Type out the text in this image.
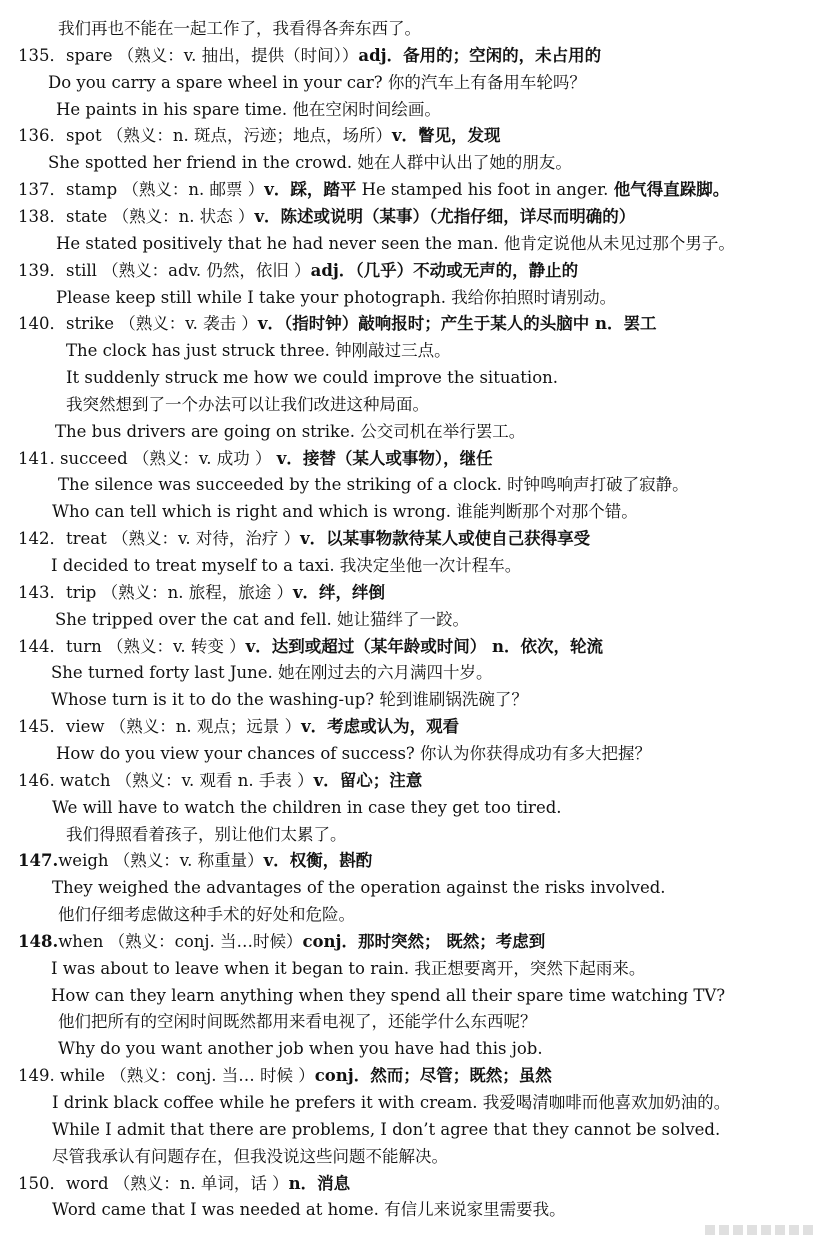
我们再也不能在一起工作了，我看得各奔东西了。
135．spare （熟义：v. 抽出，提供（时间））adj．备用的；空闲的，未占用的
Do you carry a spare wheel in your car? 你的汽车上有备用车轮吗？
He paints in his spare time. 他在空闲时间绘画。
136．spot （熟义：n. 斑点，污迹；地点，场所）v．瞥见，发现
She spotted her friend in the crowd. 她在人群中认出了她的朋友。
137．stamp （熟义：n. 邮票 ）v．踩，踏平 He stamped his foot in anger. 他气得直跺脚。
138．state （熟义：n. 状态 ）v．陈述或说明（某事）（尤指仔细，详尽而明确的）
He stated positively that he had never seen the man. 他肯定说他从未见过那个男子。
139．still （熟义：adv. 仍然，依旧 ）adj．（几乎）不动或无声的，静止的
Please keep still while I take your photograph. 我给你拍照时请别动。
140．strike （熟义：v. 袭击 ）v．（指时钟）敲响报时；产生于某人的头脑中 n．罢工
The clock has just struck three. 钟刚敲过三点。
It suddenly struck me how we could improve the situation.
我突然想到了一个办法可以让我们改进这种局面。
The bus drivers are going on strike. 公交司机在举行罢工。
141. succeed （熟义：v. 成功 ） v．接替（某人或事物），继任
The silence was succeeded by the striking of a clock. 时钟鸣响声打破了寂静。
Who can tell which is right and which is wrong. 谁能判断那个对那个错。
142．treat （熟义：v. 对待，治疗 ）v．以某事物款待某人或使自己获得享受
I decided to treat myself to a taxi. 我决定坐他一次计程车。
143．trip （熟义：n. 旅程，旅途 ）v．绊，绊倒
She tripped over the cat and fell. 她让猫绊了一跤。
144．turn （熟义：v. 转变 ）v．达到或超过（某年龄或时间） n．依次，轮流
She turned forty last June. 她在刚过去的六月满四十岁。
Whose turn is it to do the washing-up? 轮到谁刷锅洗碗了？
145．view （熟义：n. 观点；远景 ）v．考虑或认为，观看
How do you view your chances of success? 你认为你获得成功有多大把握？
146. watch （熟义：v. 观看 n. 手表 ）v．留心；注意
We will have to watch the children in case they get too tired.
我们得照看着孩子，别让他们太累了。
147.weigh （熟义：v. 称重量）v．权衡，斟酌
They weighed the advantages of the operation against the risks involved.
他们仔细考虑做这种手术的好处和危险。
148.when （熟义：conj. 当…时候）conj．那时突然； 既然；考虑到
I was about to leave when it began to rain. 我正想要离开，突然下起雨来。
How can they learn anything when they spend all their spare time watching TV?
他们把所有的空闲时间既然都用来看电视了，还能学什么东西呢？
Why do you want another job when you have had this job.
149. while （熟义：conj. 当… 时候 ）conj．然而；尽管；既然；虽然
I drink black coffee while he prefers it with cream. 我爱喝清咖啡而他喜欢加奶油的。
While I admit that there are problems, I don’t agree that they cannot be solved.
尽管我承认有问题存在，但我没说这些问题不能解决。
150．word （熟义：n. 单词，话 ）n．消息
Word came that I was needed at home. 有信儿来说家里需要我。
